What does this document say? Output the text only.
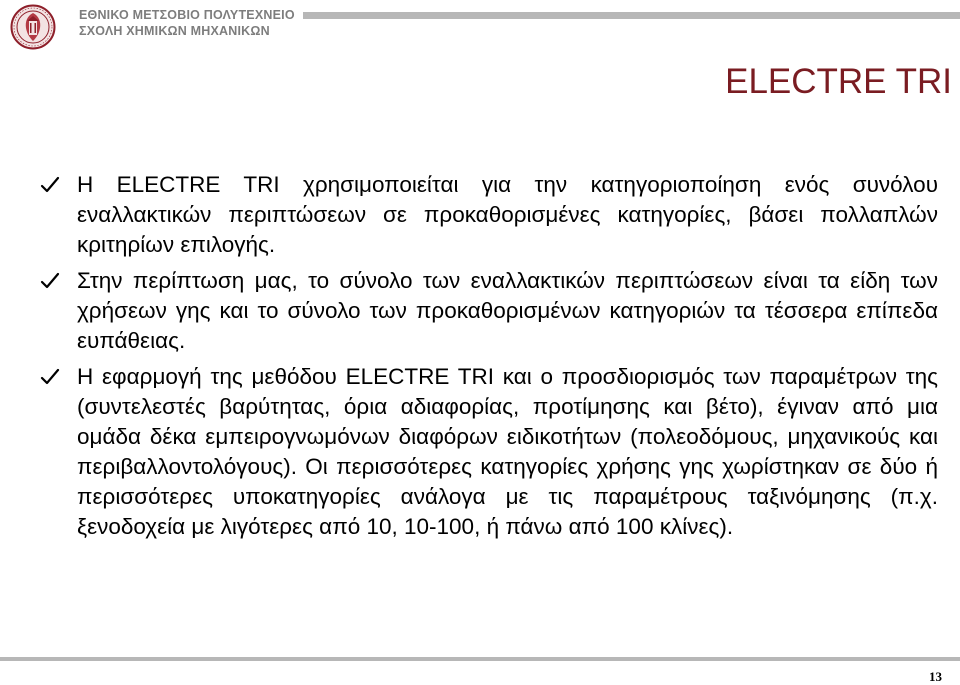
ΕΘΝΙΚΟ ΜΕΤΣΟΒΙΟ ΠΟΛΥΤΕΧΝΕΙΟ
ΣΧΟΛΗ ΧΗΜΙΚΩΝ ΜΗΧΑΝΙΚΩΝ
ELECTRE TRI
Η ELECTRE TRI χρησιμοποιείται για την κατηγοριοποίηση ενός συνόλου εναλλακτικών περιπτώσεων σε προκαθορισμένες κατηγορίες, βάσει πολλαπλών κριτηρίων επιλογής.
Στην περίπτωση μας, το σύνολο των εναλλακτικών περιπτώσεων είναι τα είδη των χρήσεων γης και το σύνολο των προκαθορισμένων κατηγοριών τα τέσσερα επίπεδα ευπάθειας.
Η εφαρμογή της μεθόδου ELECTRE TRI και ο προσδιορισμός των παραμέτρων της (συντελεστές βαρύτητας, όρια αδιαφορίας, προτίμησης και βέτο), έγιναν από μια ομάδα δέκα εμπειρογνωμόνων διαφόρων ειδικοτήτων (πολεοδόμους, μηχανικούς και περιβαλλοντολόγους). Οι περισσότερες κατηγορίες χρήσης γης χωρίστηκαν σε δύο ή περισσότερες υποκατηγορίες ανάλογα με τις παραμέτρους ταξινόμησης (π.χ. ξενοδοχεία με λιγότερες από 10, 10-100, ή πάνω από 100 κλίνες).
13
